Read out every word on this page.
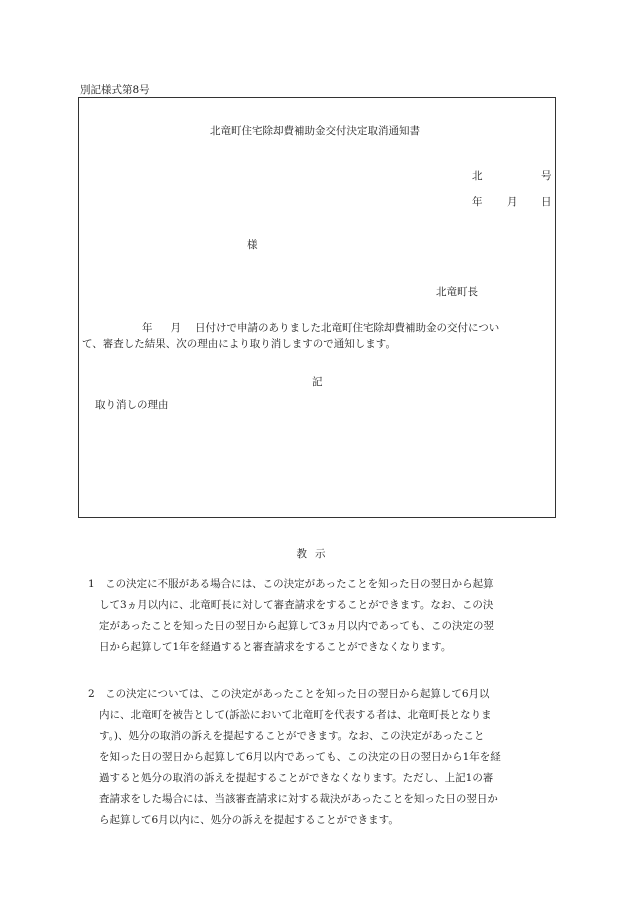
別記様式第8号
北竜町住宅除却費補助金交付決定取消通知書
北	号
年 月 日
様
北竜町長
年 月 日付けで申請のありました北竜町住宅除却費補助金の交付につい
て、審査した結果、次の理由により取り消しますので通知します。
記
取り消しの理由
教示
1　この決定に不服がある場合には、この決定があったことを知った日の翌日から起算
して3ヵ月以内に、北竜町長に対して審査請求をすることができます。なお、この決
定があったことを知った日の翌日から起算して3ヵ月以内であっても、この決定の翌
日から起算して1年を経過すると審査請求をすることができなくなります。
2　この決定については、この決定があったことを知った日の翌日から起算して6月以
内に、北竜町を被告として(訴訟において北竜町を代表する者は、北竜町長となりま
す。)、処分の取消の訴えを提起することができます。なお、この決定があったこと
を知った日の翌日から起算して6月以内であっても、この決定の日の翌日から1年を経
過すると処分の取消の訴えを提起することができなくなります。ただし、上記1の審
査請求をした場合には、当該審査請求に対する裁決があったことを知った日の翌日か
ら起算して6月以内に、処分の訴えを提起することができます。
